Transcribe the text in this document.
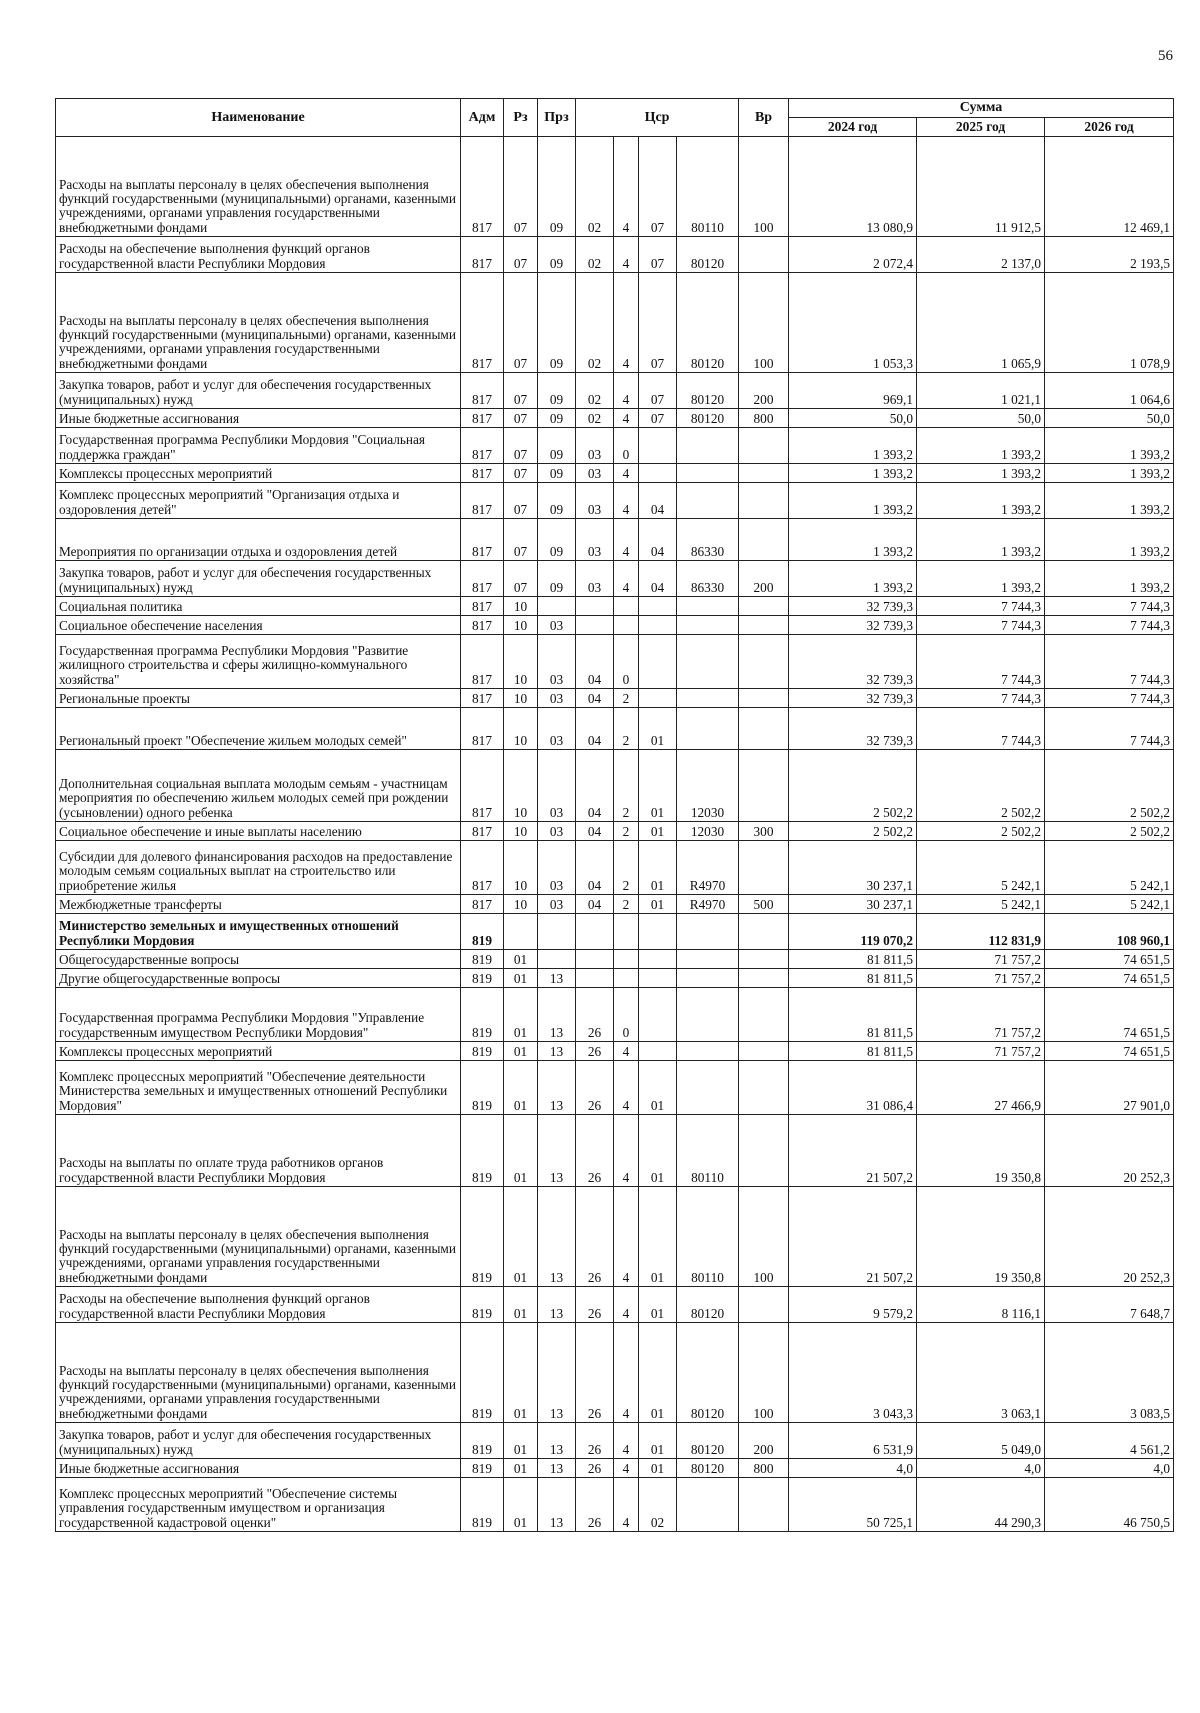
56
Наименование	Адм	Рз	Прз	Цср				Вр	Сумма		
									2024 год	2025 год	2026 год
Расходы на выплаты персоналу в целях обеспечения выполнения функций государственными (муниципальными) органами, казенными учреждениями, органами управления государственными внебюджетными фондами	817	07	09	02	4	07	80110	100	13 080,9	11 912,5	12 469,1
Расходы на обеспечение выполнения функций органов государственной власти Республики Мордовия	817	07	09	02	4	07	80120		2 072,4	2 137,0	2 193,5
Расходы на выплаты персоналу в целях обеспечения выполнения функций государственными (муниципальными) органами, казенными учреждениями, органами управления государственными внебюджетными фондами	817	07	09	02	4	07	80120	100	1 053,3	1 065,9	1 078,9
Закупка товаров, работ и услуг для обеспечения государственных (муниципальных) нужд	817	07	09	02	4	07	80120	200	969,1	1 021,1	1 064,6
Иные бюджетные ассигнования	817	07	09	02	4	07	80120	800	50,0	50,0	50,0
Государственная программа Республики Мордовия "Социальная поддержка граждан"	817	07	09	03	0				1 393,2	1 393,2	1 393,2
Комплексы процессных мероприятий	817	07	09	03	4				1 393,2	1 393,2	1 393,2
Комплекс процессных мероприятий "Организация отдыха и оздоровления детей"	817	07	09	03	4	04			1 393,2	1 393,2	1 393,2
Мероприятия по организации отдыха и оздоровления детей	817	07	09	03	4	04	86330		1 393,2	1 393,2	1 393,2
Закупка товаров, работ и услуг для обеспечения государственных (муниципальных) нужд	817	07	09	03	4	04	86330	200	1 393,2	1 393,2	1 393,2
Социальная политика	817	10							32 739,3	7 744,3	7 744,3
Социальное обеспечение населения	817	10	03						32 739,3	7 744,3	7 744,3
Государственная программа Республики Мордовия "Развитие жилищного строительства и сферы жилищно-коммунального хозяйства"	817	10	03	04	0				32 739,3	7 744,3	7 744,3
Региональные проекты	817	10	03	04	2				32 739,3	7 744,3	7 744,3
Региональный проект "Обеспечение жильем молодых семей"	817	10	03	04	2	01			32 739,3	7 744,3	7 744,3
Дополнительная социальная выплата молодым семьям - участницам мероприятия по обеспечению жильем молодых семей при рождении (усыновлении) одного ребенка	817	10	03	04	2	01	12030		2 502,2	2 502,2	2 502,2
Социальное обеспечение и иные выплаты населению	817	10	03	04	2	01	12030	300	2 502,2	2 502,2	2 502,2
Субсидии для долевого финансирования расходов на предоставление молодым семьям социальных выплат на строительство или приобретение жилья	817	10	03	04	2	01	R4970		30 237,1	5 242,1	5 242,1
Межбюджетные трансферты	817	10	03	04	2	01	R4970	500	30 237,1	5 242,1	5 242,1
Министерство земельных и имущественных отношений Республики Мордовия	819								119 070,2	112 831,9	108 960,1
Общегосударственные вопросы	819	01							81 811,5	71 757,2	74 651,5
Другие общегосударственные вопросы	819	01	13						81 811,5	71 757,2	74 651,5
Государственная программа Республики Мордовия "Управление государственным имуществом Республики Мордовия"	819	01	13	26	0				81 811,5	71 757,2	74 651,5
Комплексы процессных мероприятий	819	01	13	26	4				81 811,5	71 757,2	74 651,5
Комплекс процессных мероприятий "Обеспечение деятельности Министерства земельных и имущественных отношений Республики Мордовия"	819	01	13	26	4	01			31 086,4	27 466,9	27 901,0
Расходы на выплаты по оплате труда работников органов государственной власти Республики Мордовия	819	01	13	26	4	01	80110		21 507,2	19 350,8	20 252,3
Расходы на выплаты персоналу в целях обеспечения выполнения функций государственными (муниципальными) органами, казенными учреждениями, органами управления государственными внебюджетными фондами	819	01	13	26	4	01	80110	100	21 507,2	19 350,8	20 252,3
Расходы на обеспечение выполнения функций органов государственной власти Республики Мордовия	819	01	13	26	4	01	80120		9 579,2	8 116,1	7 648,7
Расходы на выплаты персоналу в целях обеспечения выполнения функций государственными (муниципальными) органами, казенными учреждениями, органами управления государственными внебюджетными фондами	819	01	13	26	4	01	80120	100	3 043,3	3 063,1	3 083,5
Закупка товаров, работ и услуг для обеспечения государственных (муниципальных) нужд	819	01	13	26	4	01	80120	200	6 531,9	5 049,0	4 561,2
Иные бюджетные ассигнования	819	01	13	26	4	01	80120	800	4,0	4,0	4,0
Комплекс процессных мероприятий "Обеспечение системы управления государственным имуществом и организация государственной кадастровой оценки"	819	01	13	26	4	02			50 725,1	44 290,3	46 750,5
